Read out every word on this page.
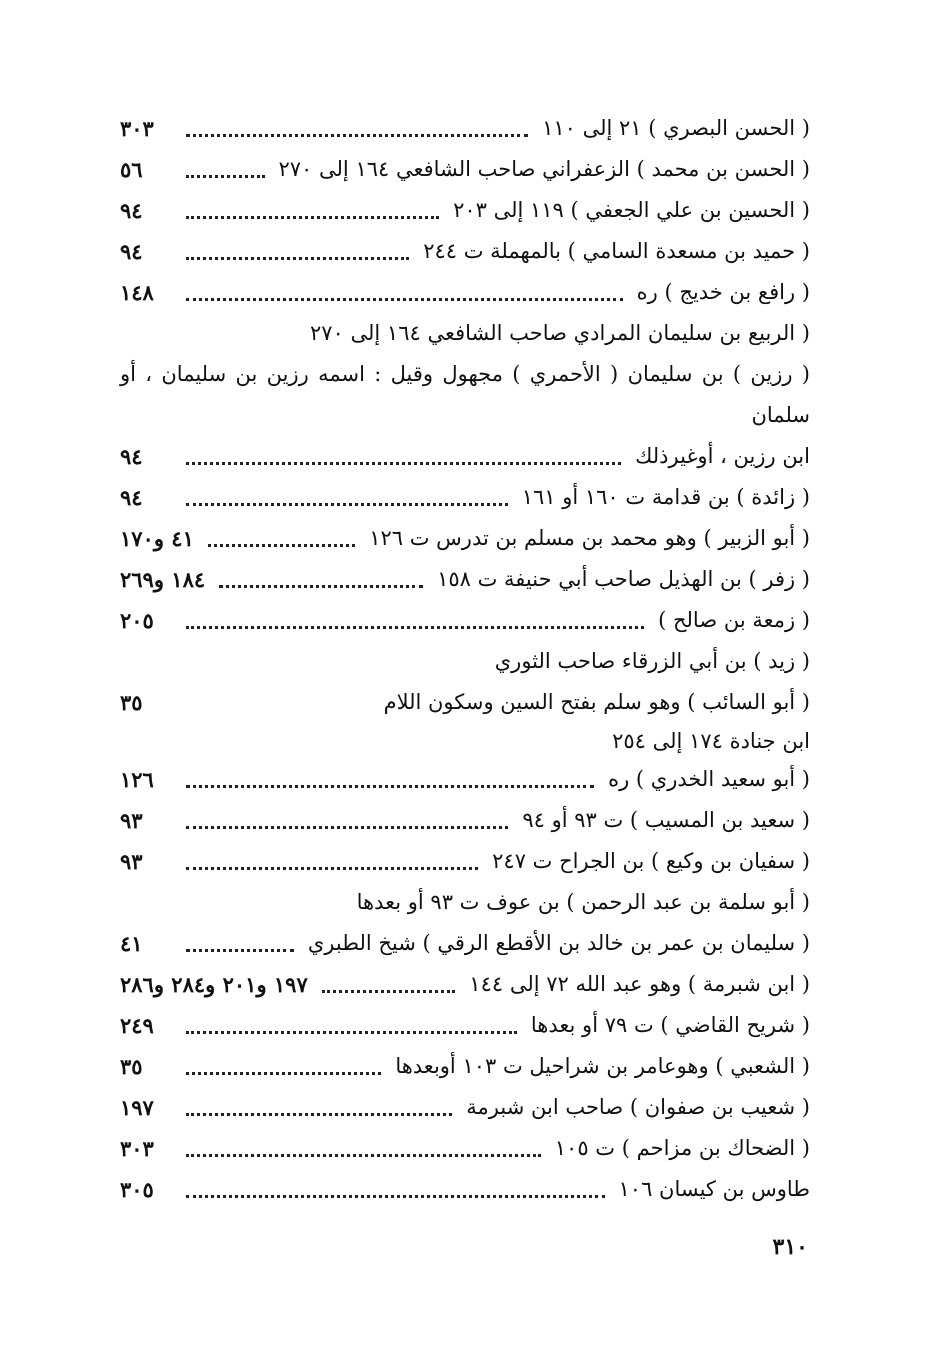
( الحسن البصري ) ٢١ إلى ١١٠
٣٠٣
( الحسن بن محمد ) الزعفراني صاحب الشافعي ١٦٤ إلى ٢٧٠
٥٦
( الحسين بن علي الجعفي ) ١١٩ إلى ٢٠٣
٩٤
( حميد بن مسعدة السامي ) بالمهملة ت ٢٤٤
٩٤
( رافع بن خديج ) ره
١٤٨
( الربيع بن سليمان المرادي صاحب الشافعي ١٦٤ إلى ٢٧٠
( رزين ) بن سليمان ( الأحمري ) مجهول وقيل : اسمه رزين بن سليمان ، أو
سلمان
ابن رزين ، أوغيرذلك
٩٤
( زائدة ) بن قدامة ت ١٦٠ أو ١٦١
٩٤
( أبو الزبير ) وهو محمد بن مسلم بن تدرس ت ١٢٦
٤١ و١٧٠
( زفر ) بن الهذيل صاحب أبي حنيفة ت ١٥٨
١٨٤ و٢٦٩
( زمعة بن صالح )
٢٠٥
( زيد ) بن أبي الزرقاء صاحب الثوري
( أبو السائب ) وهو سلم بفتح السين وسكون اللام
٣٥
ابن جنادة ١٧٤ إلى ٢٥٤
( أبو سعيد الخدري ) ره
١٢٦
( سعيد بن المسيب ) ت ٩٣ أو ٩٤
٩٣
( سفيان بن وكيع ) بن الجراح ت ٢٤٧
٩٣
( أبو سلمة بن عبد الرحمن ) بن عوف ت ٩٣ أو بعدها
( سليمان بن عمر بن خالد بن الأقطع الرقي ) شيخ الطبري
٤١
( ابن شبرمة ) وهو عبد الله ٧٢ إلى ١٤٤
١٩٧ و٢٠١ و٢٨٤ و٢٨٦
( شريح القاضي ) ت ٧٩ أو بعدها
٢٤٩
( الشعبي ) وهوعامر بن شراحيل ت ١٠٣ أوبعدها
٣٥
( شعيب بن صفوان ) صاحب ابن شبرمة
١٩٧
( الضحاك بن مزاحم ) ت ١٠٥
٣٠٣
طاوس بن كيسان ١٠٦
٣٠٥
٣١٠
